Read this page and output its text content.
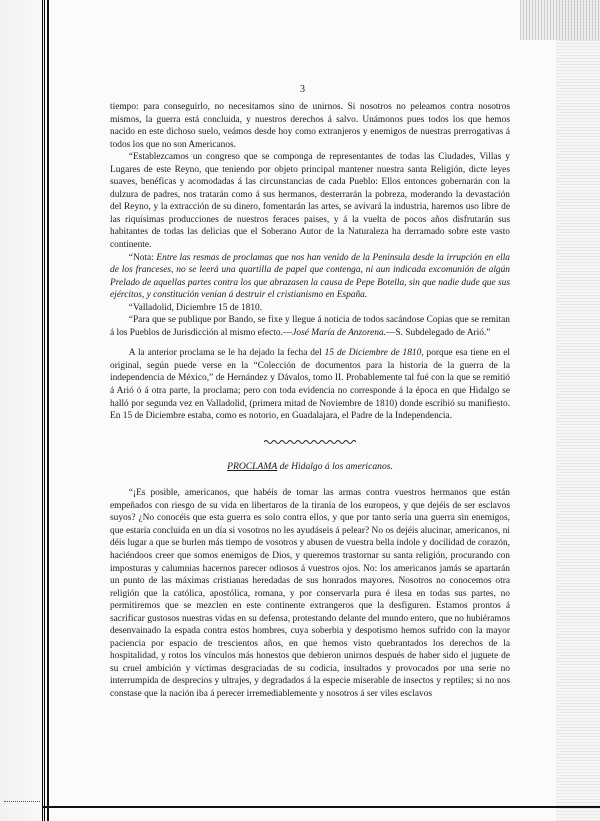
3

tiempo: para conseguirlo, no necesitamos sino de unirnos. Si nosotros no peleamos contra nosotros mismos, la guerra está concluida, y nuestros derechos á salvo. Unámonos pues todos los que hemos nacido en este dichoso suelo, veámos desde hoy como extranjeros y enemigos de nuestras prerrogativas á todos los que no son Americanos.

“Establezcamos un congreso que se componga de representantes de todas las Ciudades, Villas y Lugares de este Reyno, que teniendo por objeto principal mantener nuestra santa Religión, dicte leyes suaves, benéficas y acomodadas á las circunstancias de cada Pueblo: Ellos entonces gobernarán con la dulzura de padres, nos tratarán como á sus hermanos, desterrarán la pobreza, moderando la devastación del Reyno, y la extracción de su dinero, fomentarán las artes, se avivará la industria, haremos uso libre de las riquísimas producciones de nuestros feraces paises, y á la vuelta de pocos años disfrutarán sus habitantes de todas las delicias que el Soberano Autor de la Naturaleza ha derramado sobre este vasto continente.

“Nota: Entre las resmas de proclamas que nos han venido de la Península desde la irrupción en ella de los franceses, no se leerá una quartilla de papel que contenga, ni aun indicada excomunión de algún Prelado de aquellas partes contra los que abrazasen la causa de Pepe Botella, sin que nadie dude que sus ejércitos, y constitución venían á destruir el cristianismo en España.

“Valladolid, Diciembre 15 de 1810.

“Para que se publique por Bando, se fixe y llegue á noticia de todos sacándose Copias que se remitan á los Pueblos de Jurisdicción al mismo efecto.—José María de Anzorena.—S. Subdelegado de Arió.”

A la anterior proclama se le ha dejado la fecha del 15 de Diciembre de 1810, porque esa tiene en el original, según puede verse en la “Colección de documentos para la historia de la guerra de la independencia de México,” de Hernández y Dávalos, tomo II. Probablemente tal fué con la que se remitió á Arió ó á otra parte, la proclama; pero con toda evidencia no corresponde á la época en que Hidalgo se halló por segunda vez en Valladolid, (primera mitad de Noviembre de 1810) donde escribió su manifiesto. En 15 de Diciembre estaba, como es notorio, en Guadalajara, el Padre de la Independencia.

PROCLAMA de Hidalgo á los americanos.

“¡Es posible, americanos, que habéis de tomar las armas contra vuestros hermanos que están empeñados con riesgo de su vida en libertaros de la tiranía de los europeos, y que dejéis de ser esclavos suyos? ¿No conocéis que esta guerra es solo contra ellos, y que por tanto sería una guerra sin enemigos, que estaría concluida en un día si vosotros no les ayudáseis á pelear? No os dejéis alucinar, americanos, ni déis lugar a que se burlen más tiempo de vosotros y abusen de vuestra bella índole y docilidad de corazón, haciéndoos creer que somos enemigos de Dios, y queremos trastornar su santa religión, procurando con imposturas y calumnias hacernos parecer odiosos á vuestros ojos. No: los americanos jamás se apartarán un punto de las máximas cristianas heredadas de sus honrados mayores. Nosotros no conocemos otra religión que la católica, apostólica, romana, y por conservarla pura é ilesa en todas sus partes, no permitiremos que se mezclen en este continente extrangeros que la desfiguren. Estamos prontos á sacrificar gustosos nuestras vidas en su defensa, protestando delante del mundo entero, que no hubiéramos desenvainado la espada contra estos hombres, cuya soberbia y despotismo hemos sufrido con la mayor paciencia por espacio de trescientos años, en que hemos visto quebrantados los derechos de la hospitalidad, y rotos los vínculos más honestos que debieron unirnos después de haber sido el juguete de su cruel ambición y víctimas desgraciadas de su codicia, insultados y provocados por una serie no interrumpida de desprecios y ultrajes, y degradados á la especie miserable de insectos y reptiles; si no nos constase que la nación iba á perecer irremediablemente y nosotros á ser viles esclavos
